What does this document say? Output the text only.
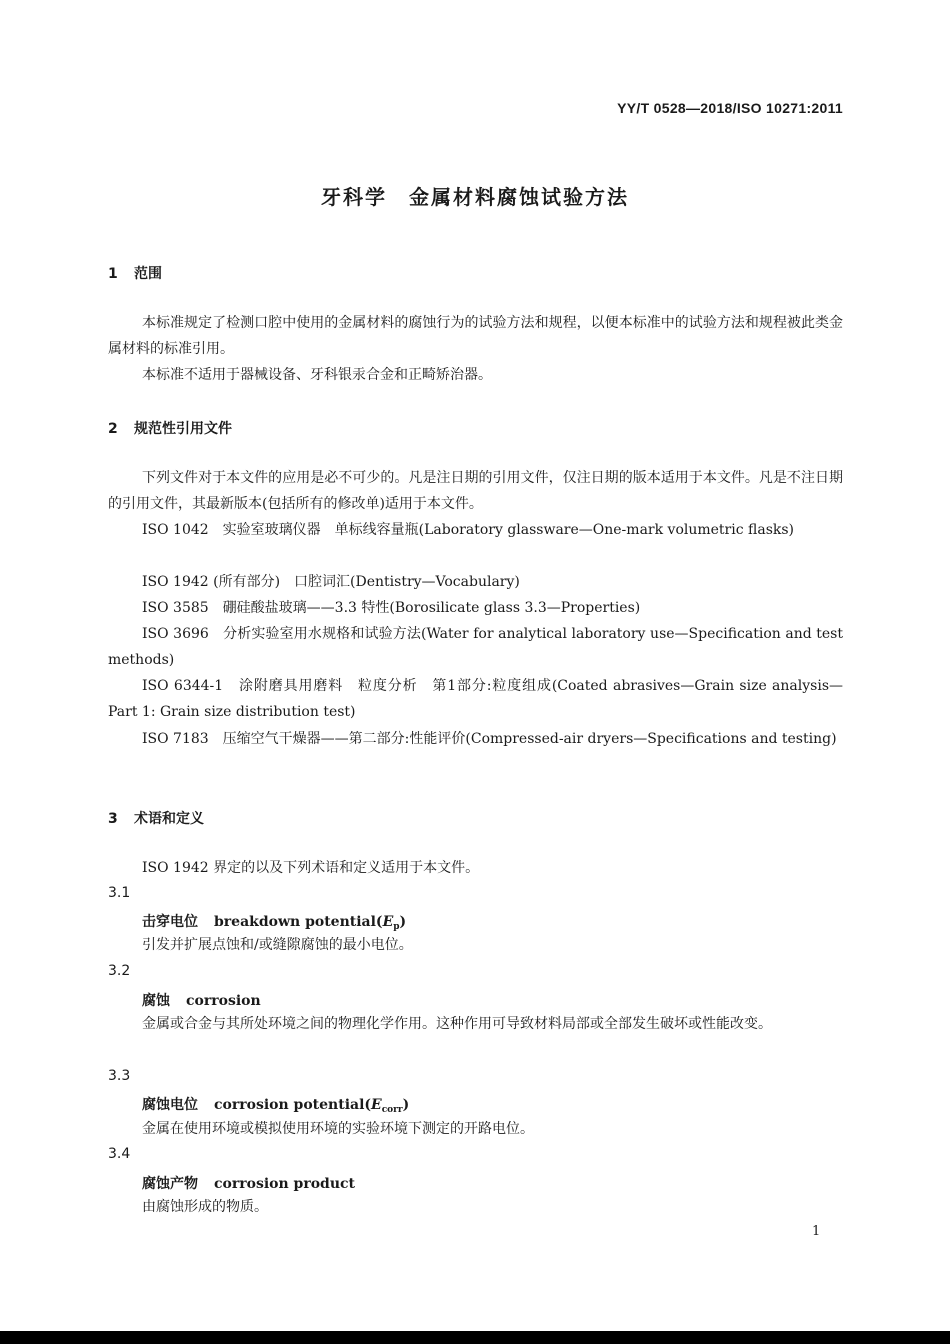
YY/T 0528—2018/ISO 10271:2011
牙科学　金属材料腐蚀试验方法
1 范围
本标准规定了检测口腔中使用的金属材料的腐蚀行为的试验方法和规程，以便本标准中的试验方法和规程被此类金属材料的标准引用。
本标准不适用于器械设备、牙科银汞合金和正畸矫治器。
2 规范性引用文件
下列文件对于本文件的应用是必不可少的。凡是注日期的引用文件，仅注日期的版本适用于本文件。凡是不注日期的引用文件，其最新版本(包括所有的修改单)适用于本文件。
ISO 1042　实验室玻璃仪器　单标线容量瓶(Laboratory glassware—One-mark volumetric flasks)
ISO 1942 (所有部分)　口腔词汇(Dentistry—Vocabulary)
ISO 3585　硼硅酸盐玻璃——3.3 特性(Borosilicate glass 3.3—Properties)
ISO 3696　分析实验室用水规格和试验方法(Water for analytical laboratory use—Specification and test methods)
ISO 6344-1　涂附磨具用磨料　粒度分析　第1部分:粒度组成(Coated abrasives—Grain size analysis—Part 1: Grain size distribution test)
ISO 7183　压缩空气干燥器——第二部分:性能评价(Compressed-air dryers—Specifications and testing)
3 术语和定义
ISO 1942 界定的以及下列术语和定义适用于本文件。
3.1
击穿电位 breakdown $potential(E_p)$
引发并扩展点蚀和/或缝隙腐蚀的最小电位。
3.2
腐蚀 corrosion
金属或合金与其所处环境之间的物理化学作用。这种作用可导致材料局部或全部发生破坏或性能改变。
3.3
腐蚀电位 corrosion $potential(E_{corr})$
金属在使用环境或模拟使用环境的实验环境下测定的开路电位。
3.4
腐蚀产物 corrosion product
由腐蚀形成的物质。
1
